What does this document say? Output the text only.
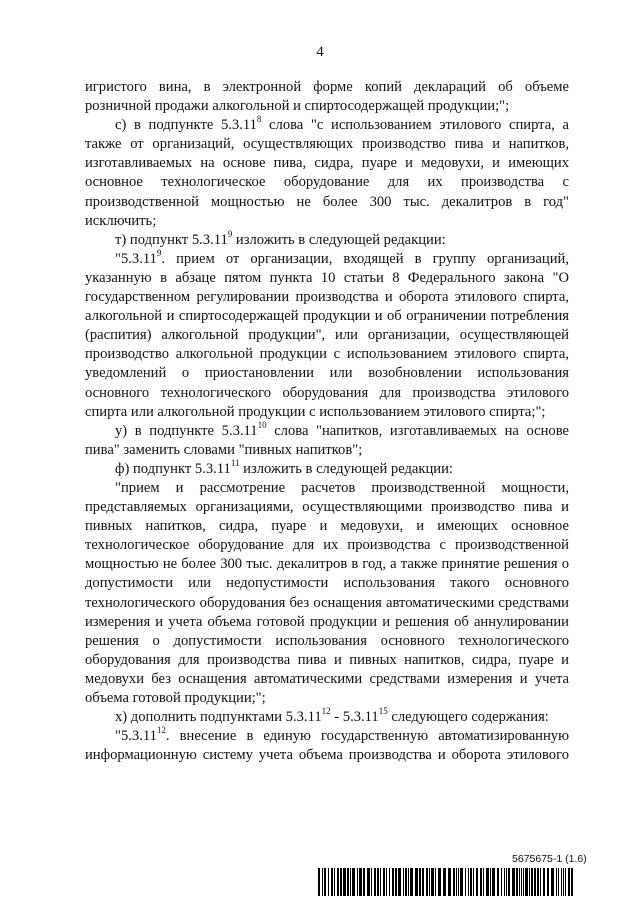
4

игристого вина, в электронной форме копий деклараций об объеме розничной продажи алкогольной и спиртосодержащей продукции;";

с) в подпункте 5.3.11$^8$ слова "с использованием этилового спирта, а также от организаций, осуществляющих производство пива и напитков, изготавливаемых на основе пива, сидра, пуаре и медовухи, и имеющих основное технологическое оборудование для их производства с производственной мощностью не более 300 тыс. декалитров в год" исключить;

т) подпункт 5.3.11$^9$ изложить в следующей редакции:

"5.3.11$^9$. прием от организации, входящей в группу организаций, указанную в абзаце пятом пункта 10 статьи 8 Федерального закона "О государственном регулировании производства и оборота этилового спирта, алкогольной и спиртосодержащей продукции и об ограничении потребления (распития) алкогольной продукции", или организации, осуществляющей производство алкогольной продукции с использованием этилового спирта, уведомлений о приостановлении или возобновлении использования основного технологического оборудования для производства этилового спирта или алкогольной продукции с использованием этилового спирта;";

у) в подпункте 5.3.11$^{10}$ слова "напитков, изготавливаемых на основе пива" заменить словами "пивных напитков";

ф) подпункт 5.3.11$^{11}$ изложить в следующей редакции:

"прием и рассмотрение расчетов производственной мощности, представляемых организациями, осуществляющими производство пива и пивных напитков, сидра, пуаре и медовухи, и имеющих основное технологическое оборудование для их производства с производственной мощностью не более 300 тыс. декалитров в год, а также принятие решения о допустимости или недопустимости использования такого основного технологического оборудования без оснащения автоматическими средствами измерения и учета объема готовой продукции и решения об аннулировании решения о допустимости использования основного технологического оборудования для производства пива и пивных напитков, сидра, пуаре и медовухи без оснащения автоматическими средствами измерения и учета объема готовой продукции;";

х) дополнить подпунктами 5.3.11$^{12}$ - 5.3.11$^{15}$ следующего содержания:

"5.3.11$^{12}$. внесение в единую государственную автоматизированную информационную систему учета объема производства и оборота этилового

5675675-1 (1.6)
